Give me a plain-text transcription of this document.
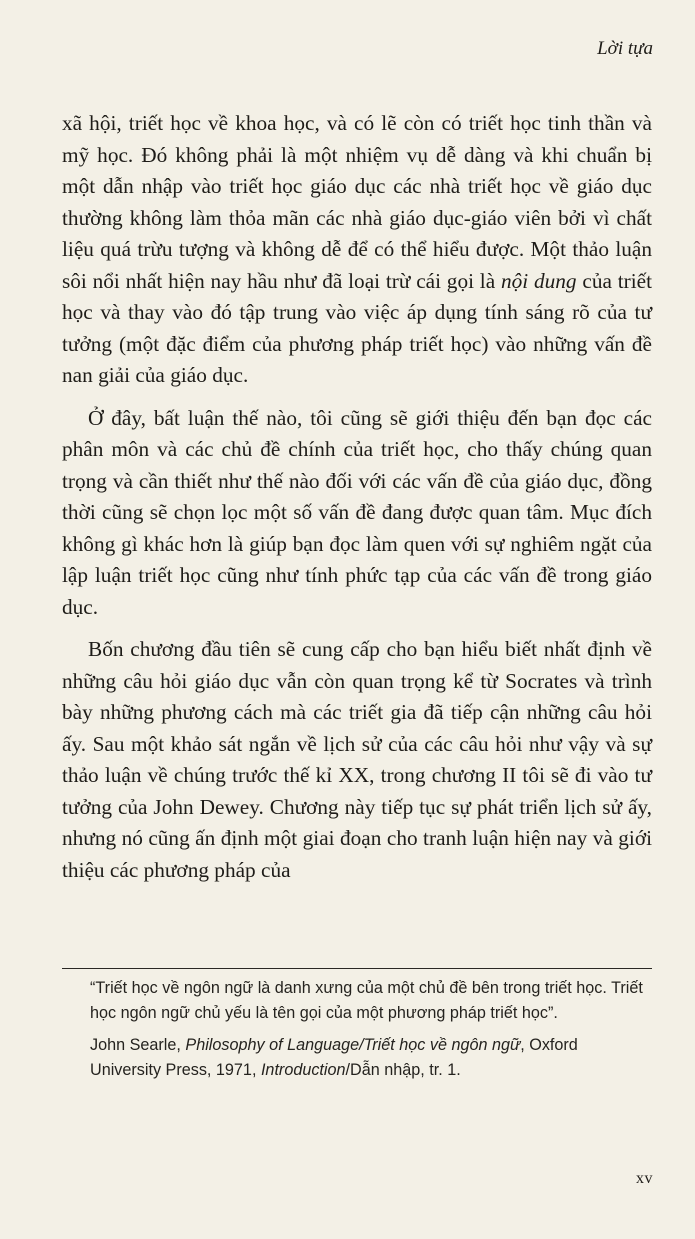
Lời tựa

xã hội, triết học về khoa học, và có lẽ còn có triết học tinh thần và mỹ học. Đó không phải là một nhiệm vụ dễ dàng và khi chuẩn bị một dẫn nhập vào triết học giáo dục các nhà triết học về giáo dục thường không làm thỏa mãn các nhà giáo dục-giáo viên bởi vì chất liệu quá trừu tượng và không dễ để có thể hiểu được. Một thảo luận sôi nổi nhất hiện nay hầu như đã loại trừ cái gọi là nội dung của triết học và thay vào đó tập trung vào việc áp dụng tính sáng rõ của tư tưởng (một đặc điểm của phương pháp triết học) vào những vấn đề nan giải của giáo dục.

Ở đây, bất luận thế nào, tôi cũng sẽ giới thiệu đến bạn đọc các phân môn và các chủ đề chính của triết học, cho thấy chúng quan trọng và cần thiết như thế nào đối với các vấn đề của giáo dục, đồng thời cũng sẽ chọn lọc một số vấn đề đang được quan tâm. Mục đích không gì khác hơn là giúp bạn đọc làm quen với sự nghiêm ngặt của lập luận triết học cũng như tính phức tạp của các vấn đề trong giáo dục.

Bốn chương đầu tiên sẽ cung cấp cho bạn hiểu biết nhất định về những câu hỏi giáo dục vẫn còn quan trọng kể từ Socrates và trình bày những phương cách mà các triết gia đã tiếp cận những câu hỏi ấy. Sau một khảo sát ngắn về lịch sử của các câu hỏi như vậy và sự thảo luận về chúng trước thế kỉ XX, trong chương II tôi sẽ đi vào tư tưởng của John Dewey. Chương này tiếp tục sự phát triển lịch sử ấy, nhưng nó cũng ấn định một giai đoạn cho tranh luận hiện nay và giới thiệu các phương pháp của

“Triết học về ngôn ngữ là danh xưng của một chủ đề bên trong triết học. Triết học ngôn ngữ chủ yếu là tên gọi của một phương pháp triết học”.

John Searle, Philosophy of Language/Triết học về ngôn ngữ, Oxford University Press, 1971, Introduction/Dẫn nhập, tr. 1.

xv
